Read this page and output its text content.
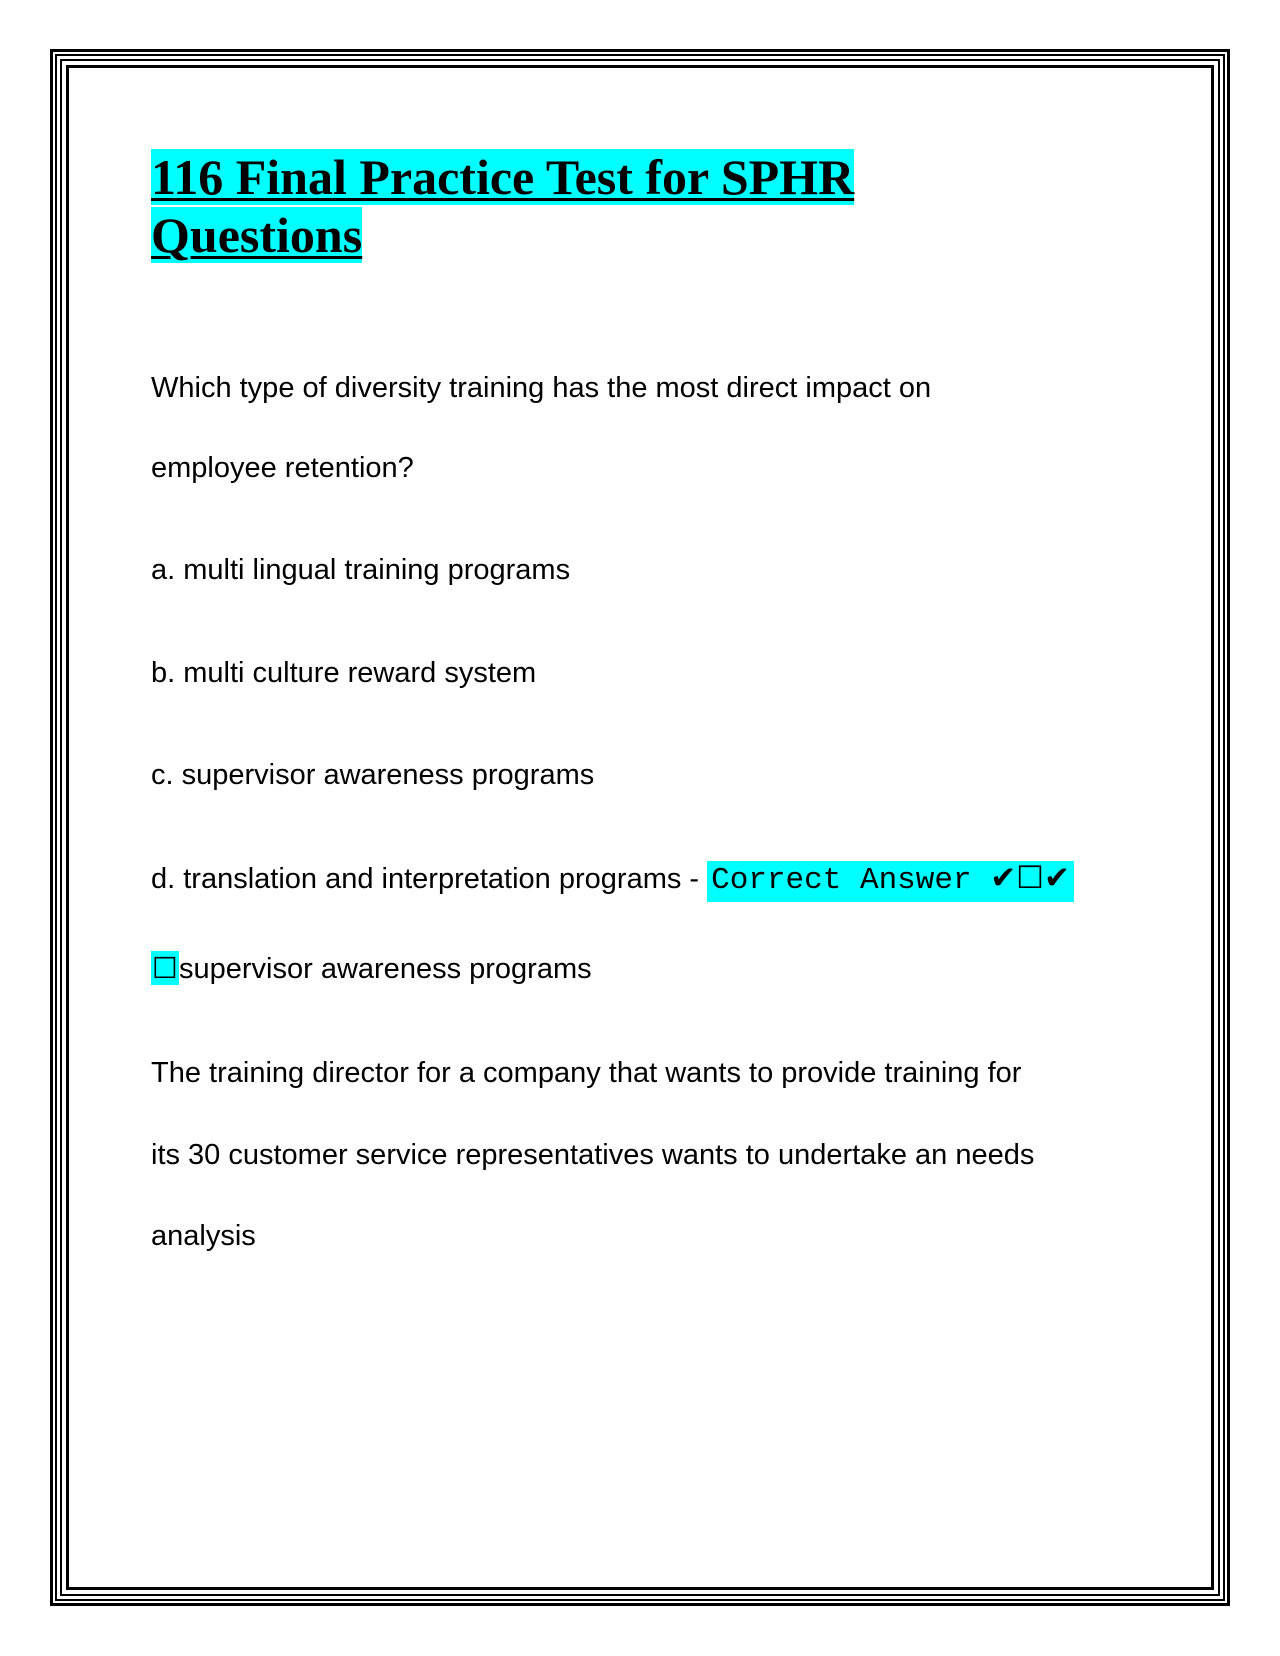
116 Final Practice Test for SPHR
Questions

Which type of diversity training has the most direct impact on

employee retention?

a. multi lingual training programs

b. multi culture reward system

c. supervisor awareness programs

d. translation and interpretation programs - Correct Answer ✔☐✔

☐supervisor awareness programs

The training director for a company that wants to provide training for

its 30 customer service representatives wants to undertake an needs

analysis
